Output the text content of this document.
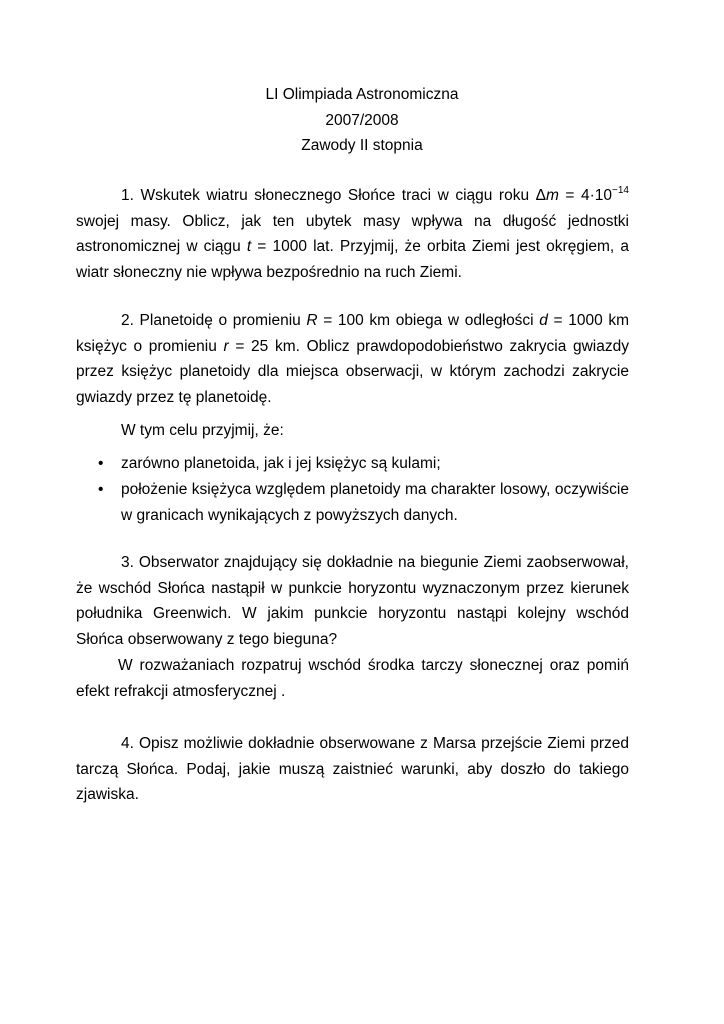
LI Olimpiada Astronomiczna
2007/2008
Zawody II stopnia
1. Wskutek wiatru słonecznego Słońce traci w ciągu roku $\Delta m = 4\cdot 10^{-14}$ swojej masy. Oblicz, jak ten ubytek masy wpływa na długość jednostki astronomicznej w ciągu t = 1000 lat. Przyjmij, że orbita Ziemi jest okręgiem, a wiatr słoneczny nie wpływa bezpośrednio na ruch Ziemi.
2. Planetoidę o promieniu R = 100 km obiega w odległości d = 1000 km księżyc o promieniu r = 25 km. Oblicz prawdopodobieństwo zakrycia gwiazdy przez księżyc planetoidy dla miejsca obserwacji, w którym zachodzi zakrycie gwiazdy przez tę planetoidę.
W tym celu przyjmij, że:
• zarówno planetoida, jak i jej księżyc są kulami;
• położenie księżyca względem planetoidy ma charakter losowy, oczywiście w granicach wynikających z powyższych danych.
3. Obserwator znajdujący się dokładnie na biegunie Ziemi zaobserwował, że wschód Słońca nastąpił w punkcie horyzontu wyznaczonym przez kierunek południka Greenwich. W jakim punkcie horyzontu nastąpi kolejny wschód Słońca obserwowany z tego bieguna?
W rozważaniach rozpatruj wschód środka tarczy słonecznej oraz pomiń efekt refrakcji atmosferycznej .
4. Opisz możliwie dokładnie obserwowane z Marsa przejście Ziemi przed tarczą Słońca. Podaj, jakie muszą zaistnieć warunki, aby doszło do takiego zjawiska.
